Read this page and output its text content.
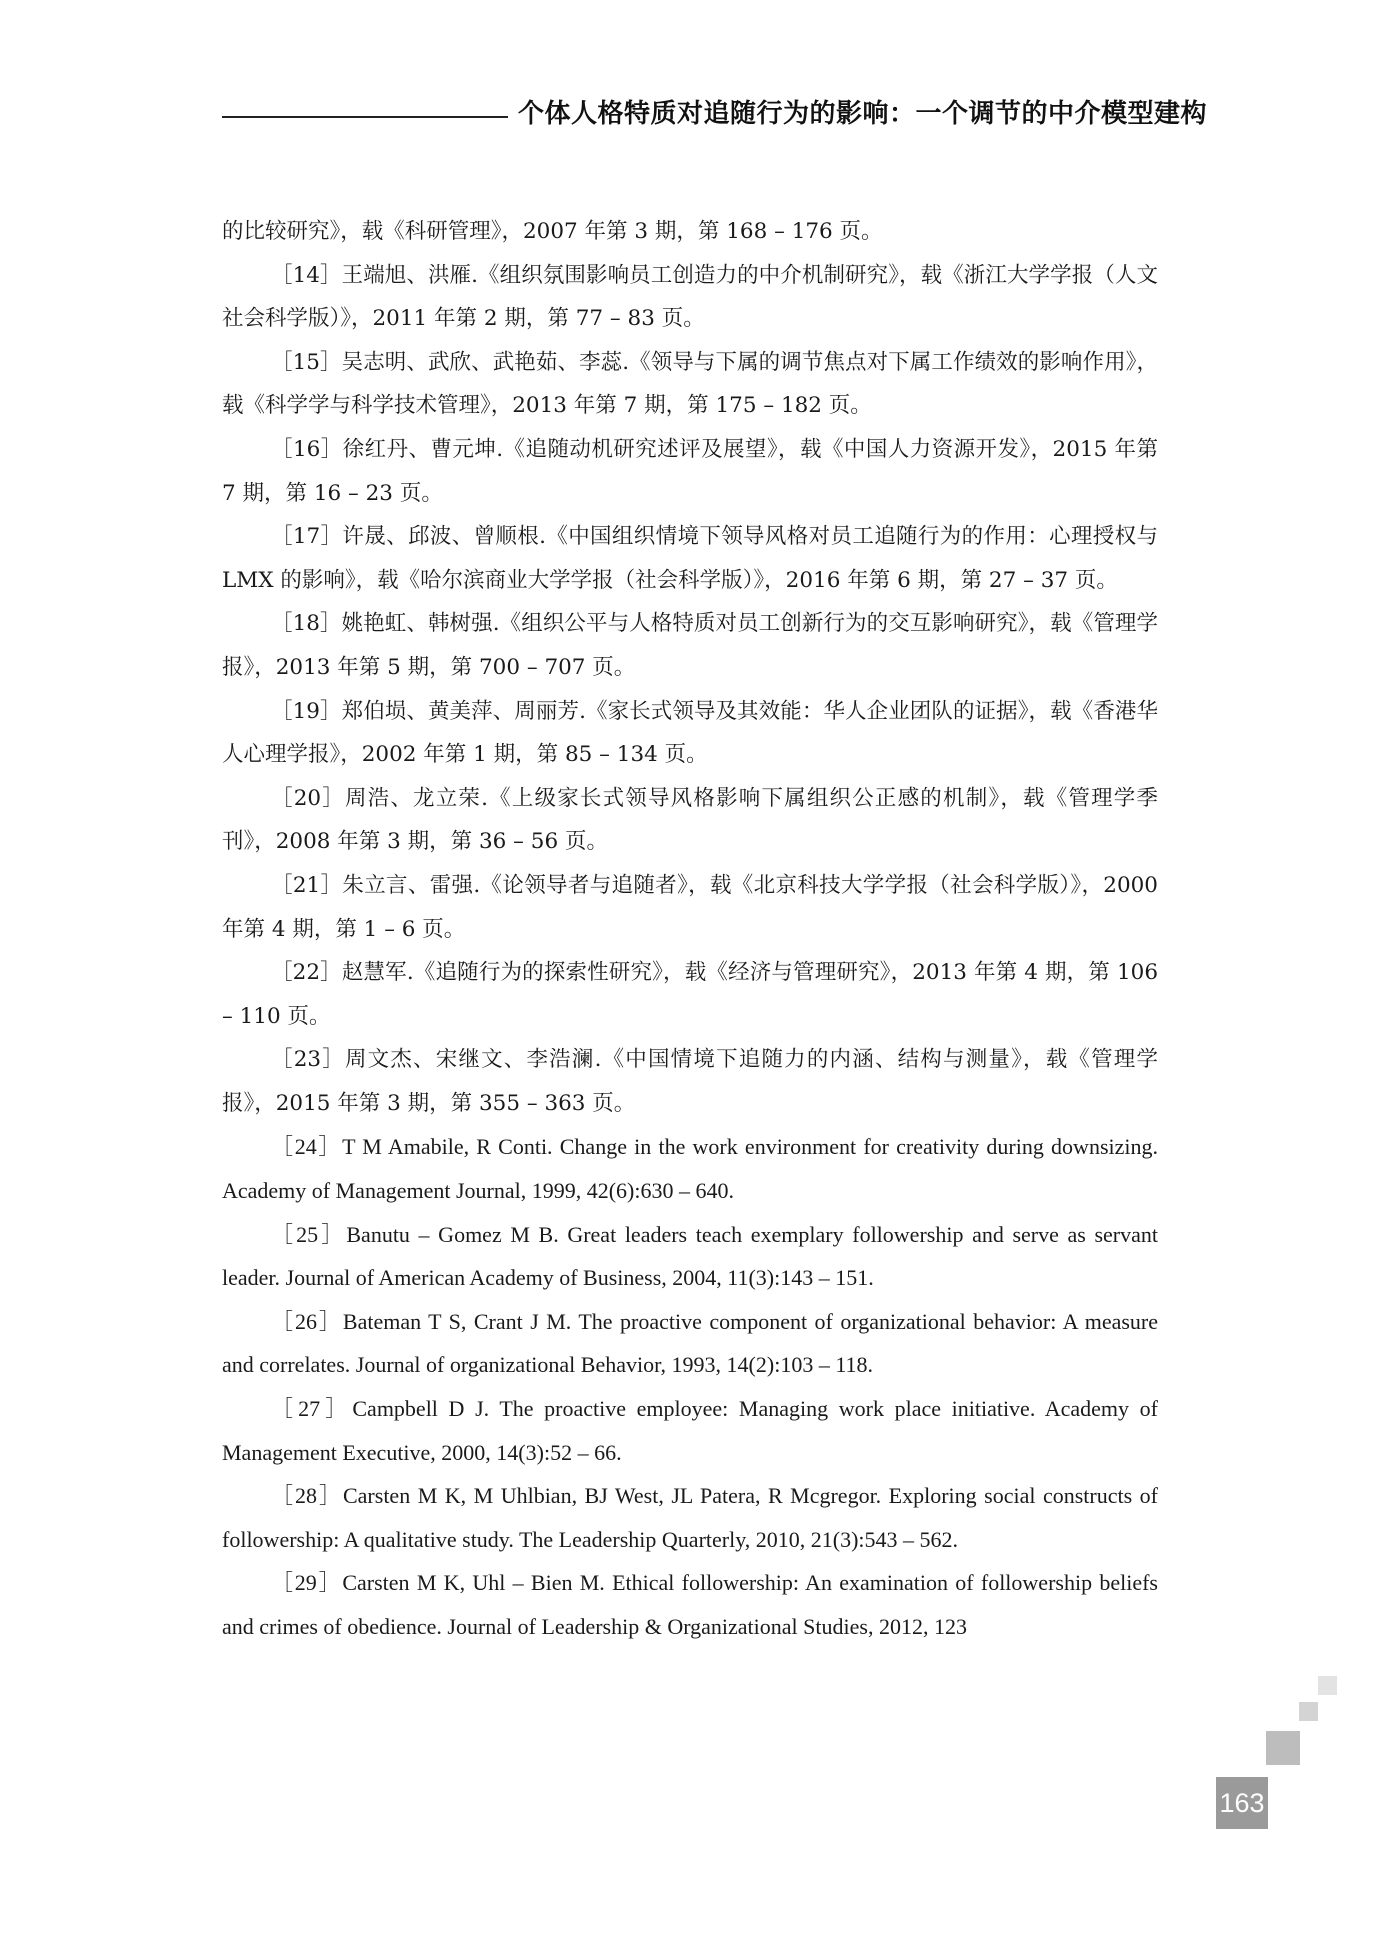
个体人格特质对追随行为的影响：一个调节的中介模型建构

的比较研究》，载《科研管理》，2007 年第 3 期，第 168 – 176 页。

［14］王端旭、洪雁.《组织氛围影响员工创造力的中介机制研究》，载《浙江大学学报（人文社会科学版）》，2011 年第 2 期，第 77 – 83 页。

［15］吴志明、武欣、武艳茹、李蕊.《领导与下属的调节焦点对下属工作绩效的影响作用》，载《科学学与科学技术管理》，2013 年第 7 期，第 175 – 182 页。

［16］徐红丹、曹元坤.《追随动机研究述评及展望》，载《中国人力资源开发》，2015 年第 7 期，第 16 – 23 页。

［17］许晟、邱波、曾顺根.《中国组织情境下领导风格对员工追随行为的作用：心理授权与 LMX 的影响》，载《哈尔滨商业大学学报（社会科学版）》，2016 年第 6 期，第 27 – 37 页。

［18］姚艳虹、韩树强.《组织公平与人格特质对员工创新行为的交互影响研究》，载《管理学报》，2013 年第 5 期，第 700 – 707 页。

［19］郑伯埙、黄美萍、周丽芳.《家长式领导及其效能：华人企业团队的证据》，载《香港华人心理学报》，2002 年第 1 期，第 85 – 134 页。

［20］周浩、龙立荣.《上级家长式领导风格影响下属组织公正感的机制》，载《管理学季刊》，2008 年第 3 期，第 36 – 56 页。

［21］朱立言、雷强.《论领导者与追随者》，载《北京科技大学学报（社会科学版）》，2000 年第 4 期，第 1 – 6 页。

［22］赵慧军.《追随行为的探索性研究》，载《经济与管理研究》，2013 年第 4 期，第 106 – 110 页。

［23］周文杰、宋继文、李浩澜.《中国情境下追随力的内涵、结构与测量》，载《管理学报》，2015 年第 3 期，第 355 – 363 页。

［24］T M Amabile, R Conti. Change in the work environment for creativity during downsizing. Academy of Management Journal, 1999, 42(6):630 – 640.

［25］Banutu – Gomez M B. Great leaders teach exemplary followership and serve as servant leader. Journal of American Academy of Business, 2004, 11(3):143 – 151.

［26］Bateman T S, Crant J M. The proactive component of organizational behavior: A measure and correlates. Journal of organizational Behavior, 1993, 14(2):103 – 118.

［27］Campbell D J. The proactive employee: Managing work place initiative. Academy of Management Executive, 2000, 14(3):52 – 66.

［28］Carsten M K, M Uhlbian, BJ West, JL Patera, R Mcgregor. Exploring social constructs of followership: A qualitative study. The Leadership Quarterly, 2010, 21(3):543 – 562.

［29］Carsten M K, Uhl – Bien M. Ethical followership: An examination of followership beliefs and crimes of obedience. Journal of Leadership & Organizational Studies, 2012, 123

163
